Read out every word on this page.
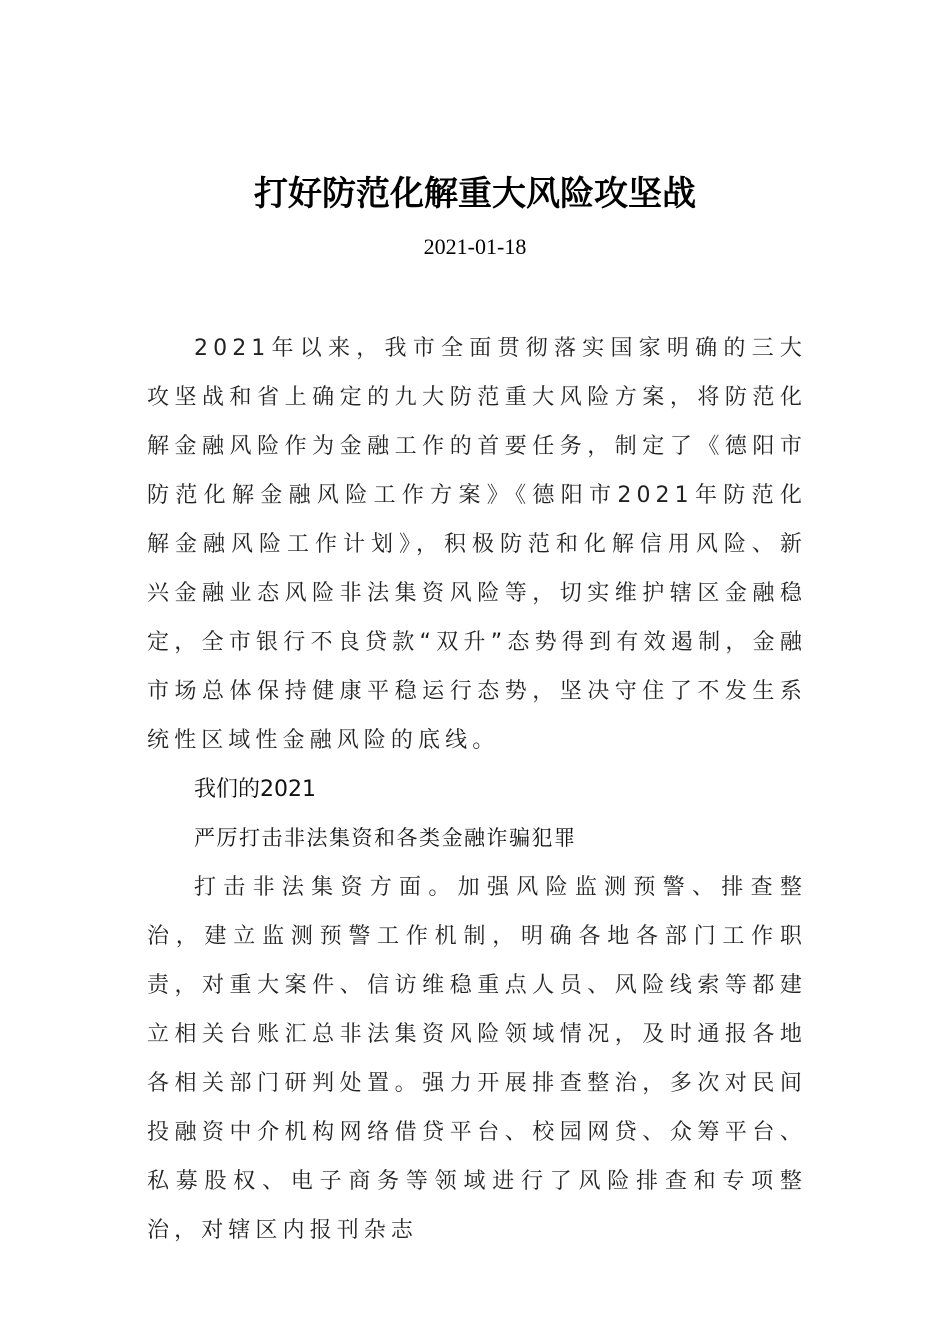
打好防范化解重大风险攻坚战
2021-01-18

2021年以来，我市全面贯彻落实国家明确的三大攻坚战和省上确定的九大防范重大风险方案，将防范化解金融风险作为金融工作的首要任务，制定了《德阳市防范化解金融风险工作方案》《德阳市2021年防范化解金融风险工作计划》，积极防范和化解信用风险、新兴金融业态风险非法集资风险等，切实维护辖区金融稳定，全市银行不良贷款“双升”态势得到有效遏制，金融市场总体保持健康平稳运行态势，坚决守住了不发生系统性区域性金融风险的底线。

我们的2021

严厉打击非法集资和各类金融诈骗犯罪

打击非法集资方面。加强风险监测预警、排查整治，建立监测预警工作机制，明确各地各部门工作职责，对重大案件、信访维稳重点人员、风险线索等都建立相关台账汇总非法集资风险领域情况，及时通报各地各相关部门研判处置。强力开展排查整治，多次对民间投融资中介机构网络借贷平台、校园网贷、众筹平台、私募股权、电子商务等领域进行了风险排查和专项整治，对辖区内报刊杂志
